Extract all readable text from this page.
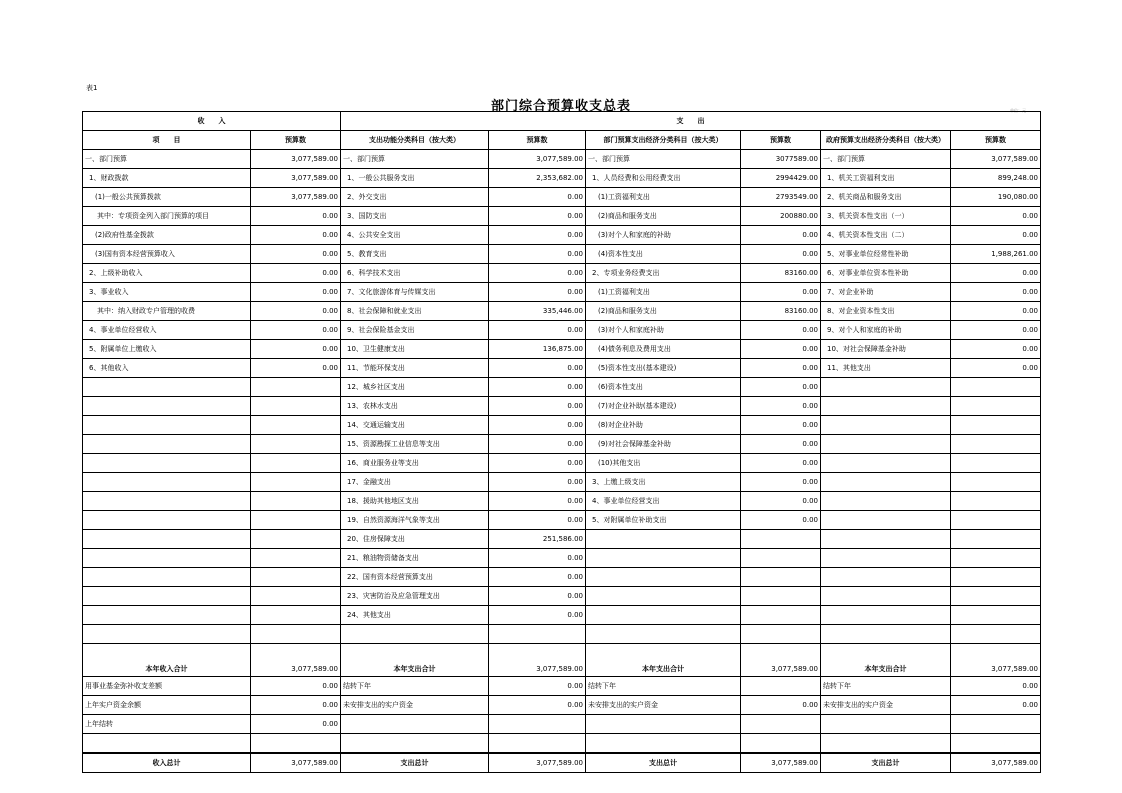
表1
部门综合预算收支总表	单位：元
收　　入		支　　出					
项　　目	预算数	支出功能分类科目（按大类）	预算数	部门预算支出经济分类科目（按大类）	预算数	政府预算支出经济分类科目（按大类）	预算数
一、部门预算	3,077,589.00	一、部门预算	3,077,589.00	一、部门预算	3077589.00	一、部门预算	3,077,589.00
1、财政拨款	3,077,589.00	1、一般公共服务支出	2,353,682.00	1、人员经费和公用经费支出	2994429.00	1、机关工资福利支出	899,248.00
(1)一般公共预算拨款	3,077,589.00	2、外交支出	0.00	(1)工资福利支出	2793549.00	2、机关商品和服务支出	190,080.00
其中：专项资金列入部门预算的项目	0.00	3、国防支出	0.00	(2)商品和服务支出	200880.00	3、机关资本性支出（一）	0.00
(2)政府性基金拨款	0.00	4、公共安全支出	0.00	(3)对个人和家庭的补助	0.00	4、机关资本性支出（二）	0.00
(3)国有资本经营预算收入	0.00	5、教育支出	0.00	(4)资本性支出	0.00	5、对事业单位经常性补助	1,988,261.00
2、上级补助收入	0.00	6、科学技术支出	0.00	2、专项业务经费支出	83160.00	6、对事业单位资本性补助	0.00
3、事业收入	0.00	7、文化旅游体育与传媒支出	0.00	(1)工资福利支出	0.00	7、对企业补助	0.00
其中：纳入财政专户管理的收费	0.00	8、社会保障和就业支出	335,446.00	(2)商品和服务支出	83160.00	8、对企业资本性支出	0.00
4、事业单位经营收入	0.00	9、社会保险基金支出	0.00	(3)对个人和家庭补助	0.00	9、对个人和家庭的补助	0.00
5、附属单位上缴收入	0.00	10、卫生健康支出	136,875.00	(4)债务利息及费用支出	0.00	10、对社会保障基金补助	0.00
6、其他收入	0.00	11、节能环保支出	0.00	(5)资本性支出(基本建设)	0.00	11、其他支出	0.00
		12、城乡社区支出	0.00	(6)资本性支出	0.00		
		13、农林水支出	0.00	(7)对企业补助(基本建设)	0.00		
		14、交通运输支出	0.00	(8)对企业补助	0.00		
		15、资源勘探工业信息等支出	0.00	(9)对社会保障基金补助	0.00		
		16、商业服务业等支出	0.00	(10)其他支出	0.00		
		17、金融支出	0.00	3、上缴上级支出	0.00		
		18、援助其他地区支出	0.00	4、事业单位经营支出	0.00		
		19、自然资源海洋气象等支出	0.00	5、对附属单位补助支出	0.00		
		20、住房保障支出	251,586.00				
		21、粮油物资储备支出	0.00				
		22、国有资本经营预算支出	0.00				
		23、灾害防治及应急管理支出	0.00				
		24、其他支出	0.00				

本年收入合计	3,077,589.00	本年支出合计	3,077,589.00	本年支出合计	3,077,589.00	本年支出合计	3,077,589.00
用事业基金弥补收支差额	0.00	结转下年	0.00	结转下年		结转下年	0.00
上年实户资金余额	0.00	未安排支出的实户资金	0.00	未安排支出的实户资金	0.00	未安排支出的实户资金	0.00
上年结转	0.00						

收入总计	3,077,589.00	支出总计	3,077,589.00	支出总计	3,077,589.00	支出总计	3,077,589.00
